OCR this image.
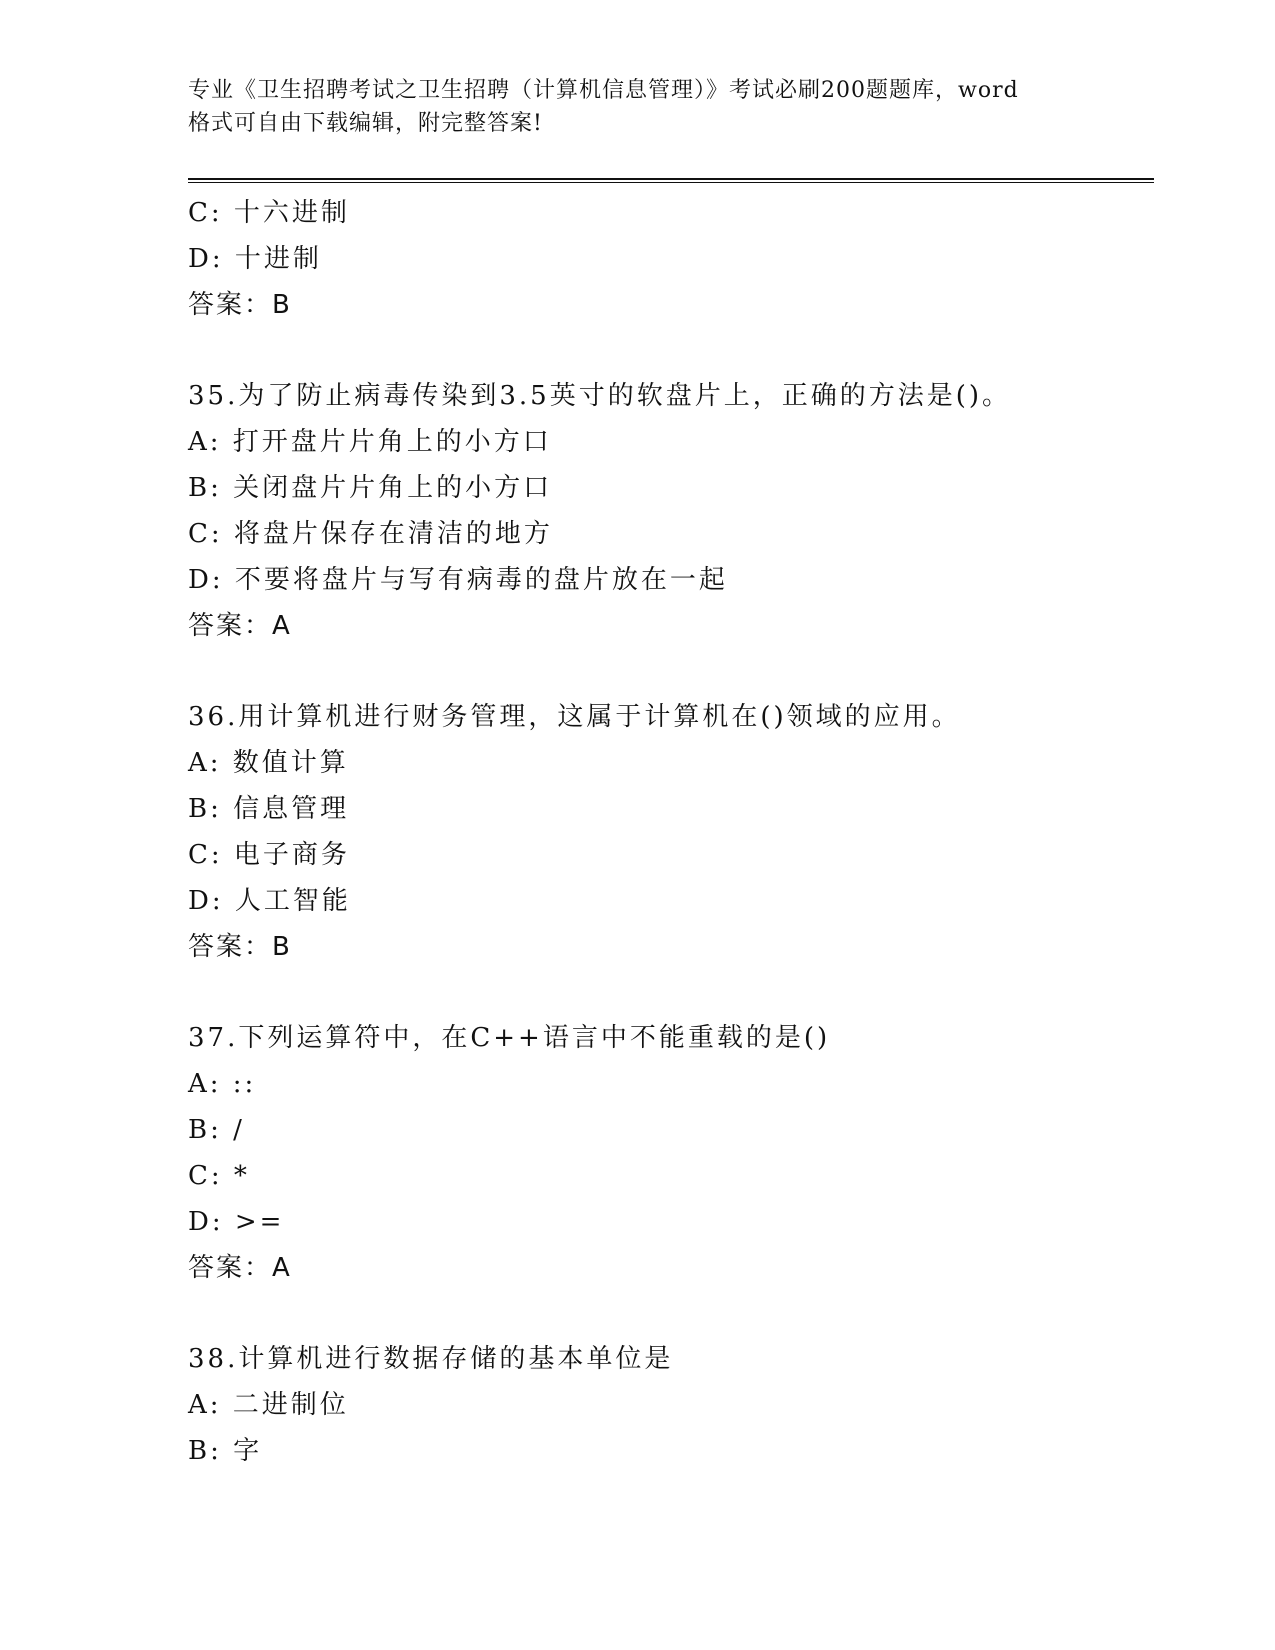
专业《卫生招聘考试之卫生招聘（计算机信息管理）》考试必刷200题题库，word

格式可自由下载编辑，附完整答案!

C: 十六进制
D: 十进制
答案：B
35.为了防止病毒传染到3.5英寸的软盘片上，正确的方法是()。
A: 打开盘片片角上的小方口
B: 关闭盘片片角上的小方口
C: 将盘片保存在清洁的地方
D: 不要将盘片与写有病毒的盘片放在一起
答案：A
36.用计算机进行财务管理，这属于计算机在()领域的应用。
A: 数值计算
B: 信息管理
C: 电子商务
D: 人工智能
答案：B
37.下列运算符中，在C++语言中不能重载的是()
A: ::
B: /
C: *
D: >=
答案：A
38.计算机进行数据存储的基本单位是
A: 二进制位
B: 字
